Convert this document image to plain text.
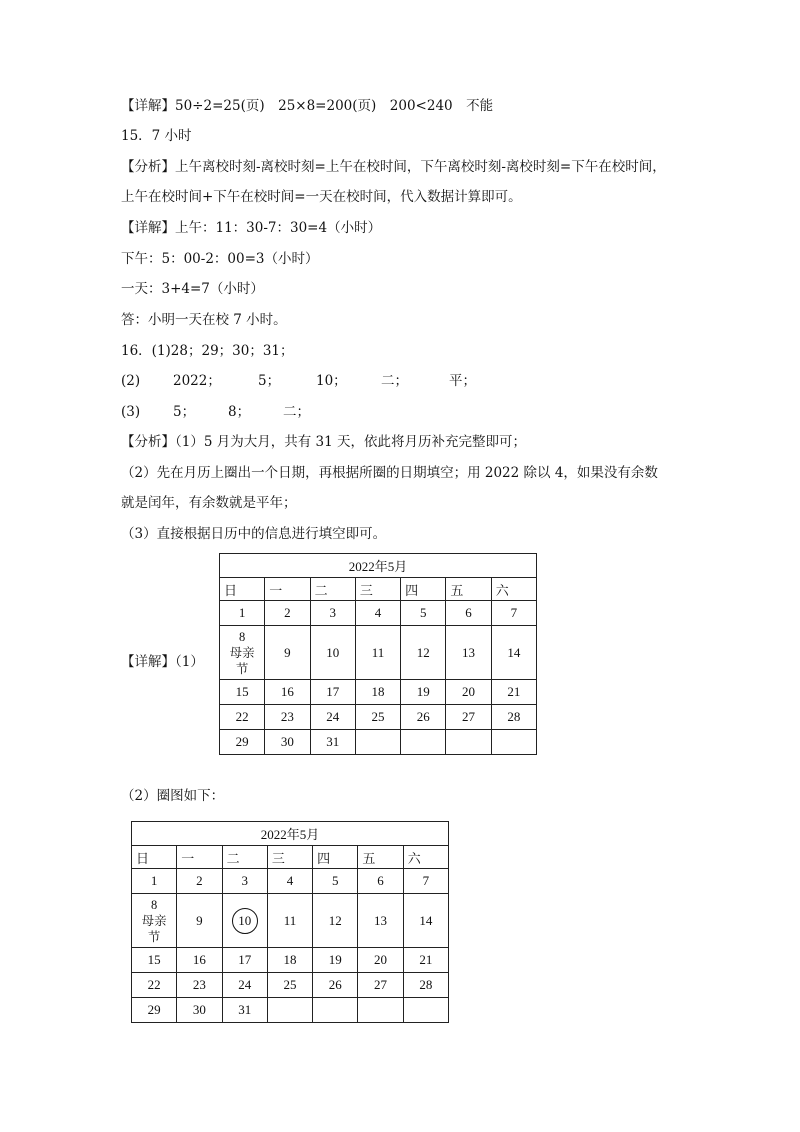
【详解】50÷2=25(页)　25×8=200(页)　200<240　不能
15．7 小时
【分析】上午离校时刻-离校时刻=上午在校时间，下午离校时刻-离校时刻=下午在校时间，
上午在校时间+下午在校时间=一天在校时间，代入数据计算即可。
【详解】上午：11：30-7：30=4（小时）
下午：5：00-2：00=3（小时）
一天：3+4=7（小时）
答：小明一天在校 7 小时。
16．(1)28；29；30；31；
(2) 2022；	5；	10；	二；	平；
(3) 5； 8； 二；
【分析】（1）5 月为大月，共有 31 天，依此将月历补充完整即可；
（2）先在月历上圈出一个日期，再根据所圈的日期填空；用 2022 除以 4，如果没有余数
就是闰年，有余数就是平年；
（3）直接根据日历中的信息进行填空即可。
【详解】（1）
2022年5月						
日	一	二	三	四	五	六
1	2	3	4	5	6	7

8
母亲
节	9	10	11	12	13	14
15	16	17	18	19	20	21
22	23	24	25	26	27	28
29	30	31				
（2）圈图如下：
2022年5月						
日	一	二	三	四	五	六
1	2	3	4	5	6	7

8
母亲
节	9	10	11	12	13	14
15	16	17	18	19	20	21
22	23	24	25	26	27	28
29	30	31				
